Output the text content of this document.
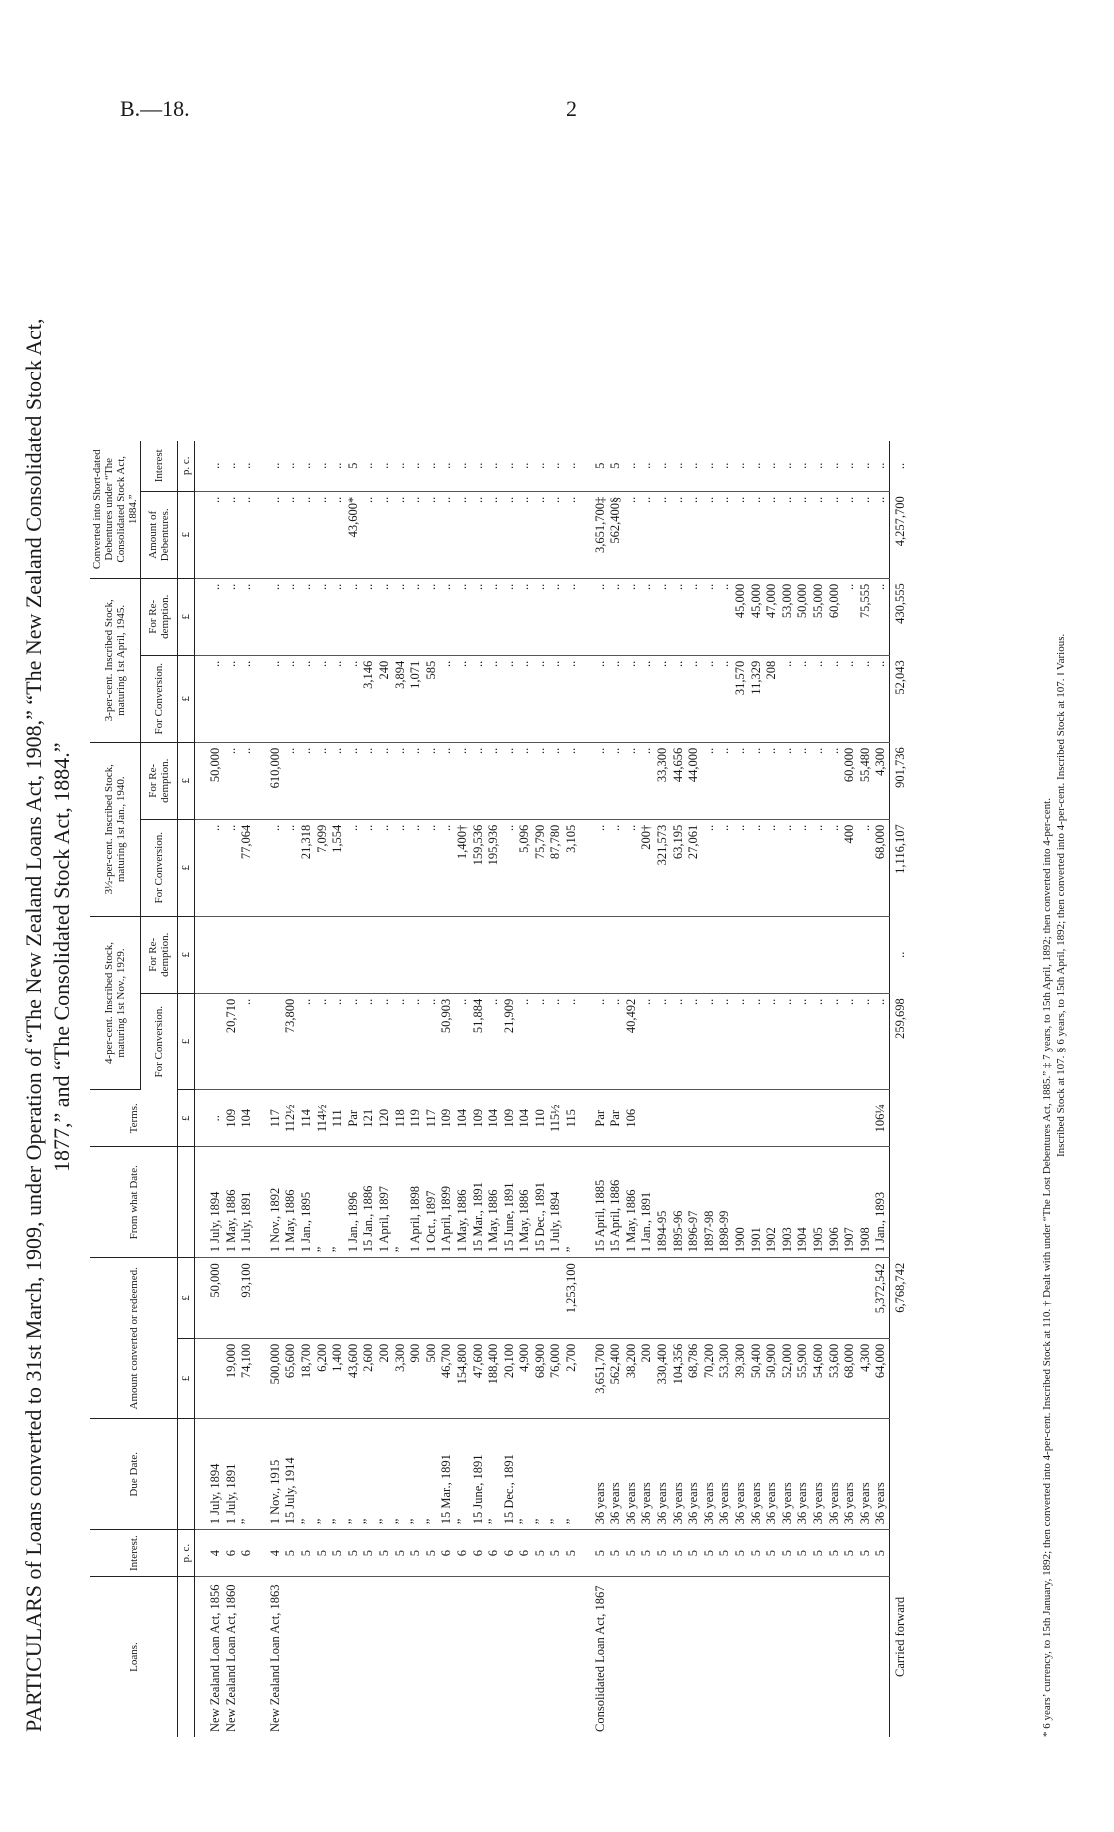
B.—18.	2
PARTICULARS of Loans converted to 31st March, 1909, under Operation of “The New Zealand Loans Act, 1908,” “The New Zealand Consolidated Stock Act, 1877,” and “The Consolidated Stock Act, 1884.”
Loans.	Interest.	Due Date.	Amount converted or redeemed.		From what Date.	Terms.	4-per-cent. Inscribed Stock, maturing 1st Nov., 1929.		3½-per-cent. Inscribed Stock, maturing 1st Jan., 1940.		3-per-cent. Inscribed Stock, maturing 1st April, 1945.		Converted into Short-dated Debentures under “The Consolidated Stock Act, 1884.”	
							For Conversion.	For Re-demption.	For Conversion.	For Re-demption.	For Conversion.	For Re-demption.	Amount of Debentures.	Interest
	p. c.		£	£		£	£	£	£	£	£	£	£	p. c.
New Zealand Loan Act, 1856	4	1 July, 1894		50,000	1 July, 1894	..			..	50,000	..	..	..	..
New Zealand Loan Act, 1860	6	1 July, 1891	19,000		1 May, 1886	109	20,710		..	..	..	..	..	..
	6	”	74,100	93,100	1 July, 1891	104	..		77,064	..	..	..	..	..
New Zealand Loan Act, 1863	4	1 Nov., 1915	500,000		1 Nov., 1892	117			..	610,000	..	..	..	..
	5	15 July, 1914	65,600		1 May, 1886	112½	73,800		..	..	..	..	..	..
	5	”	18,700		1 Jan., 1895	114	..		21,318	..	..	..	..	..
	5	”	6,200		”	114½	..		7,099	..	..	..	..	..
	5	”	1,400		”	111	..		1,554	..	..	..	..	..
	5	”	43,600		1 Jan., 1896	Par	..		..	..	..	..	43,600*	5
	5	”	2,600		15 Jan., 1886	121	..		..	..	3,146	..	..	..
	5	”	200		1 April, 1897	120	..		..	..	240	..	..	..
	5	”	3,300		”	118	..		..	..	3,894	..	..	..
	5	”	900		1 April, 1898	119	..		..	..	1,071	..	..	..
	5	”	500		1 Oct., 1897	117	..		..	..	585	..	..	..
	6	15 Mar., 1891	46,700		1 April, 1899	109	50,903		..	..	..	..	..	..
	6	”	154,800		1 May, 1886	104	..		1,400†	..	..	..	..	..
	6	15 June, 1891	47,600		15 Mar., 1891	109	51,884		159,536	..	..	..	..	..
	6	”	188,400		1 May, 1886	104	..		195,936	..	..	..	..	..
	6	15 Dec., 1891	20,100		15 June, 1891	109	21,909		..	..	..	..	..	..
	6	”	4,900		1 May, 1886	104	..		5,096	..	..	..	..	..
	5	”	68,900		15 Dec., 1891	110	..		75,790	..	..	..	..	..
	5	”	76,000		1 July, 1894	115½	..		87,780	..	..	..	..	..
	5	”	2,700	1,253,100	”	115	..		3,105	..	..	..	..	..
Consolidated Loan Act, 1867	5	36 years	3,651,700		15 April, 1885	Par	..		..	..	..	..	3,651,700‡	5
	5	36 years	562,400		15 April, 1886	Par	..		..	..	..	..	562,400§	5
	5	36 years	38,200		1 May, 1886	106	40,492		..	..	..	..	..	..
	5	36 years	200		1 Jan., 1891		..		200†	..	..	..	..	..
	5	36 years	330,400		1894-95		..		321,573	33,300	..	..	..	..
	5	36 years	104,356		1895-96		..		63,195	44,656	..	..	..	..
	5	36 years	68,786		1896-97		..		27,061	44,000	..	..	..	..
	5	36 years	70,200		1897-98		..		..	..	..	..	..	..
	5	36 years	53,300		1898-99		..		..	..	..	..	..	..
	5	36 years	39,300		1900		..		..	..	31,570	45,000	..	..
	5	36 years	50,400		1901		..		..	..	11,329	45,000	..	..
	5	36 years	50,900		1902		..		..	..	208	47,000	..	..
	5	36 years	52,000		1903		..		..	..	..	53,000	..	..
	5	36 years	55,900		1904		..		..	..	..	50,000	..	..
	5	36 years	54,600		1905		..		..	..	..	55,000	..	..
	5	36 years	53,600		1906		..		..	..	..	60,000	..	..
	5	36 years	68,000		1907		..		400	60,000	..	..	..	..
	5	36 years	4,300		1908		..		..	55,480	..	75,555	..	..
	5	36 years	64,000	5,372,542	1 Jan., 1893	106¼	..		68,000	4,300	..	..	..	..
Carried forward				6,768,742			259,698	..	1,116,107	901,736	52,043	430,555	4,257,700	..
* 6 years’ currency, to 15th January, 1892; then converted into 4-per-cent. Inscribed Stock at 110. † Dealt with under “The Lost Debentures Act, 1885.” ‡ 7 years, to 15th April, 1892; then converted into 4-per-cent. Inscribed Stock at 107. § 6 years, to 15th April, 1892; then converted into 4-per-cent. Inscribed Stock at 107. ‖ Various.
